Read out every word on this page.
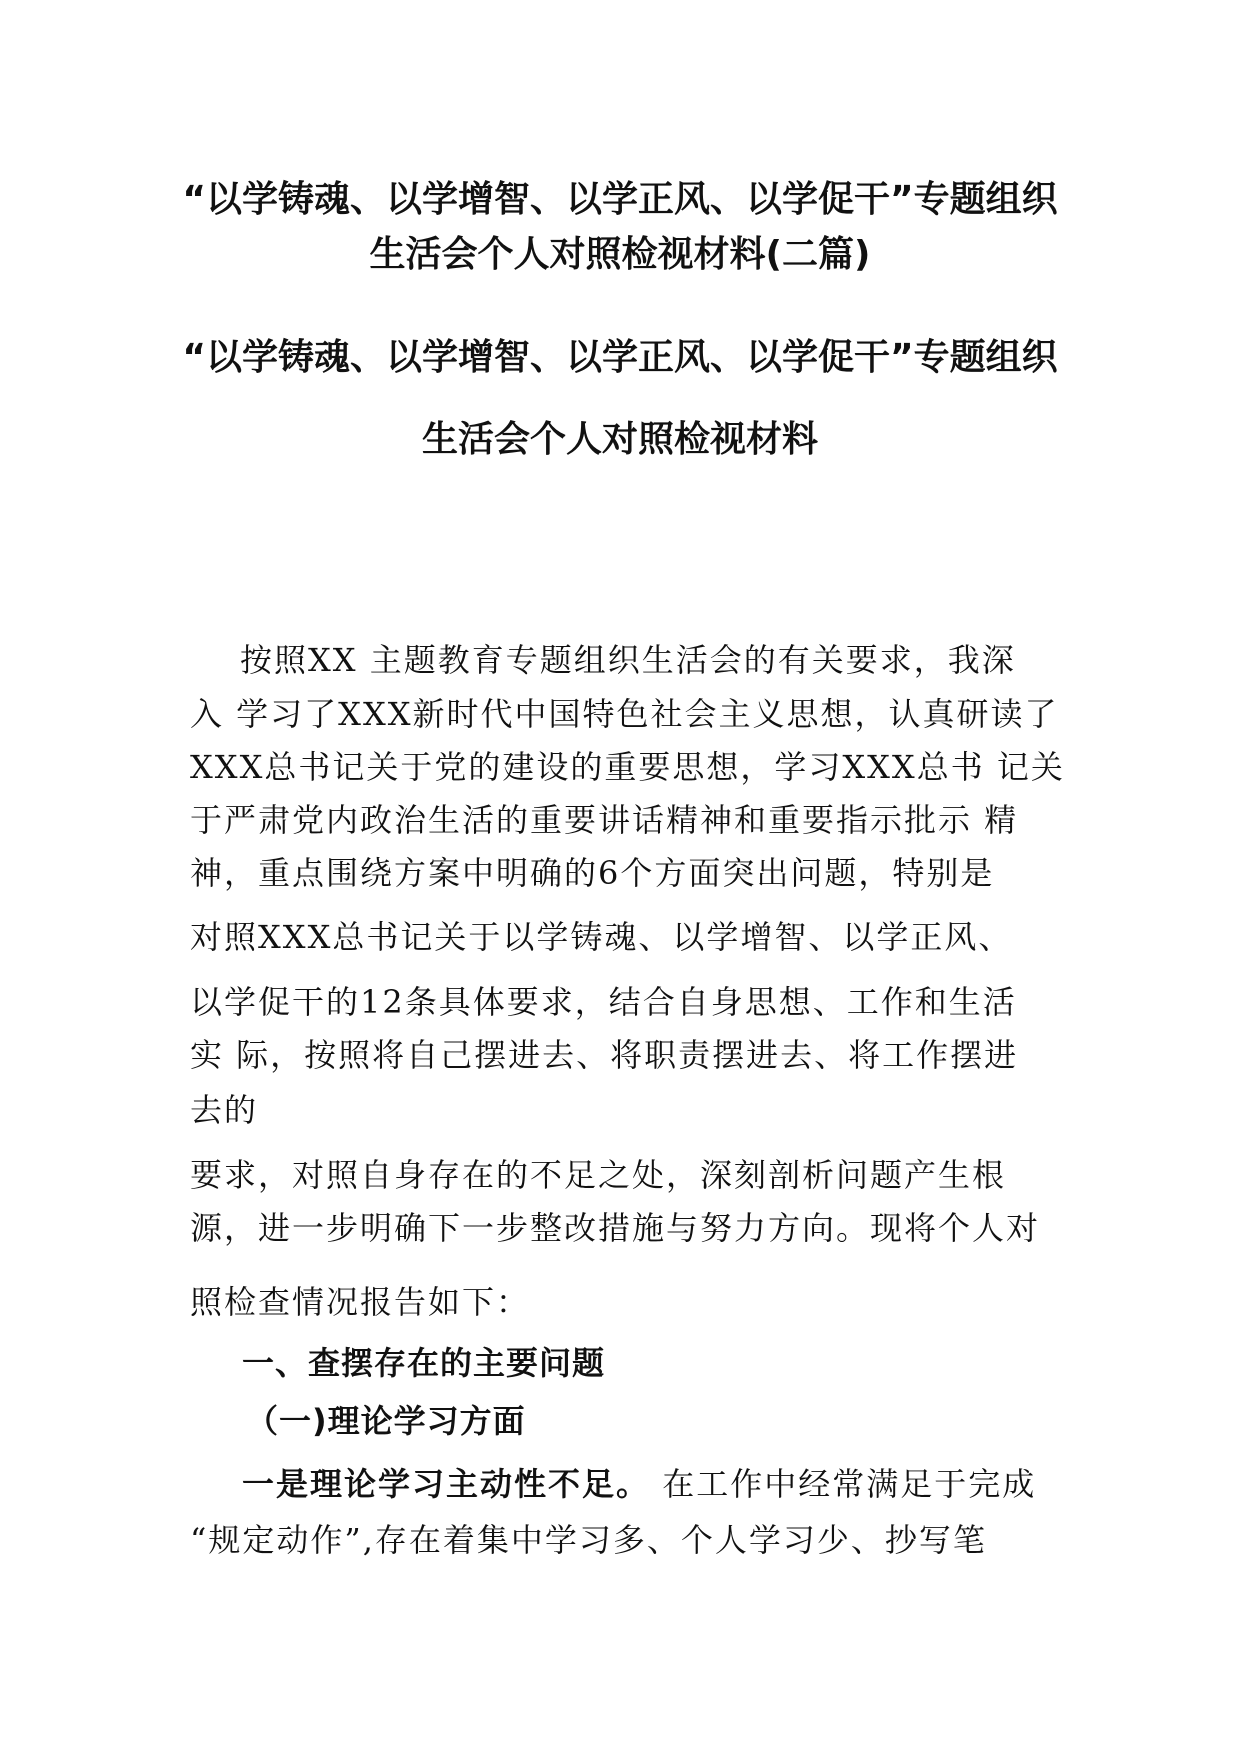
“以学铸魂、以学增智、以学正风、以学促干”专题组织
生活会个人对照检视材料(二篇)
“以学铸魂、以学增智、以学正风、以学促干”专题组织
生活会个人对照检视材料

按照XX 主题教育专题组织生活会的有关要求，我深

入 学习了XXX新时代中国特色社会主义思想，认真研读了

XXX总书记关于党的建设的重要思想，学习XXX总书 记关

于严肃党内政治生活的重要讲话精神和重要指示批示 精

神，重点围绕方案中明确的6个方面突出问题，特别是

对照XXX总书记关于以学铸魂、以学增智、以学正风、

以学促干的12条具体要求，结合自身思想、工作和生活

实 际，按照将自己摆进去、将职责摆进去、将工作摆进

去的

要求，对照自身存在的不足之处，深刻剖析问题产生根

源，进一步明确下一步整改措施与努力方向。现将个人对

照检查情况报告如下：

一、查摆存在的主要问题

（一)理论学习方面

一是理论学习主动性不足。 在工作中经常满足于完成

“规定动作”,存在着集中学习多、个人学习少、抄写笔
